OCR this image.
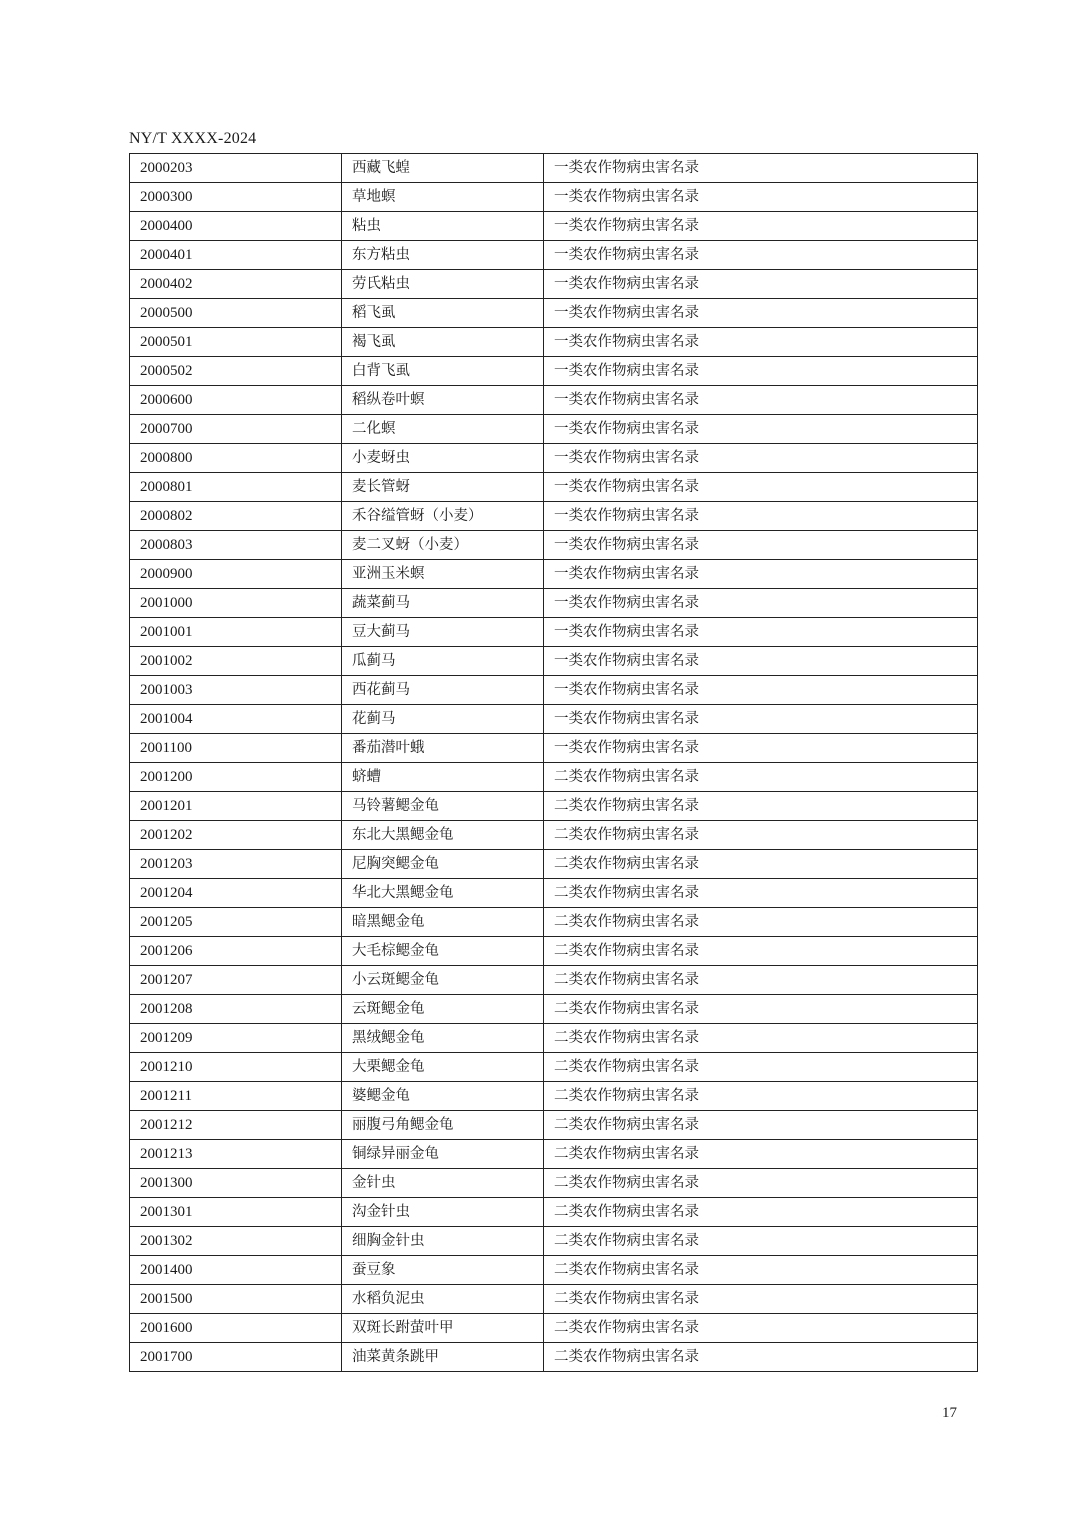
NY/T XXXX-2024
2000203	西藏飞蝗	一类农作物病虫害名录
2000300	草地螟	一类农作物病虫害名录
2000400	粘虫	一类农作物病虫害名录
2000401	东方粘虫	一类农作物病虫害名录
2000402	劳氏粘虫	一类农作物病虫害名录
2000500	稻飞虱	一类农作物病虫害名录
2000501	褐飞虱	一类农作物病虫害名录
2000502	白背飞虱	一类农作物病虫害名录
2000600	稻纵卷叶螟	一类农作物病虫害名录
2000700	二化螟	一类农作物病虫害名录
2000800	小麦蚜虫	一类农作物病虫害名录
2000801	麦长管蚜	一类农作物病虫害名录
2000802	禾谷缢管蚜（小麦）	一类农作物病虫害名录
2000803	麦二叉蚜（小麦）	一类农作物病虫害名录
2000900	亚洲玉米螟	一类农作物病虫害名录
2001000	蔬菜蓟马	一类农作物病虫害名录
2001001	豆大蓟马	一类农作物病虫害名录
2001002	瓜蓟马	一类农作物病虫害名录
2001003	西花蓟马	一类农作物病虫害名录
2001004	花蓟马	一类农作物病虫害名录
2001100	番茄潜叶蛾	一类农作物病虫害名录
2001200	蛴螬	二类农作物病虫害名录
2001201	马铃薯鳃金龟	二类农作物病虫害名录
2001202	东北大黑鳃金龟	二类农作物病虫害名录
2001203	尼胸突鳃金龟	二类农作物病虫害名录
2001204	华北大黑鳃金龟	二类农作物病虫害名录
2001205	暗黑鳃金龟	二类农作物病虫害名录
2001206	大毛棕鳃金龟	二类农作物病虫害名录
2001207	小云斑鳃金龟	二类农作物病虫害名录
2001208	云斑鳃金龟	二类农作物病虫害名录
2001209	黑绒鳃金龟	二类农作物病虫害名录
2001210	大栗鳃金龟	二类农作物病虫害名录
2001211	婆鳃金龟	二类农作物病虫害名录
2001212	丽腹弓角鳃金龟	二类农作物病虫害名录
2001213	铜绿异丽金龟	二类农作物病虫害名录
2001300	金针虫	二类农作物病虫害名录
2001301	沟金针虫	二类农作物病虫害名录
2001302	细胸金针虫	二类农作物病虫害名录
2001400	蚕豆象	二类农作物病虫害名录
2001500	水稻负泥虫	二类农作物病虫害名录
2001600	双斑长跗萤叶甲	二类农作物病虫害名录
2001700	油菜黄条跳甲	二类农作物病虫害名录
17
